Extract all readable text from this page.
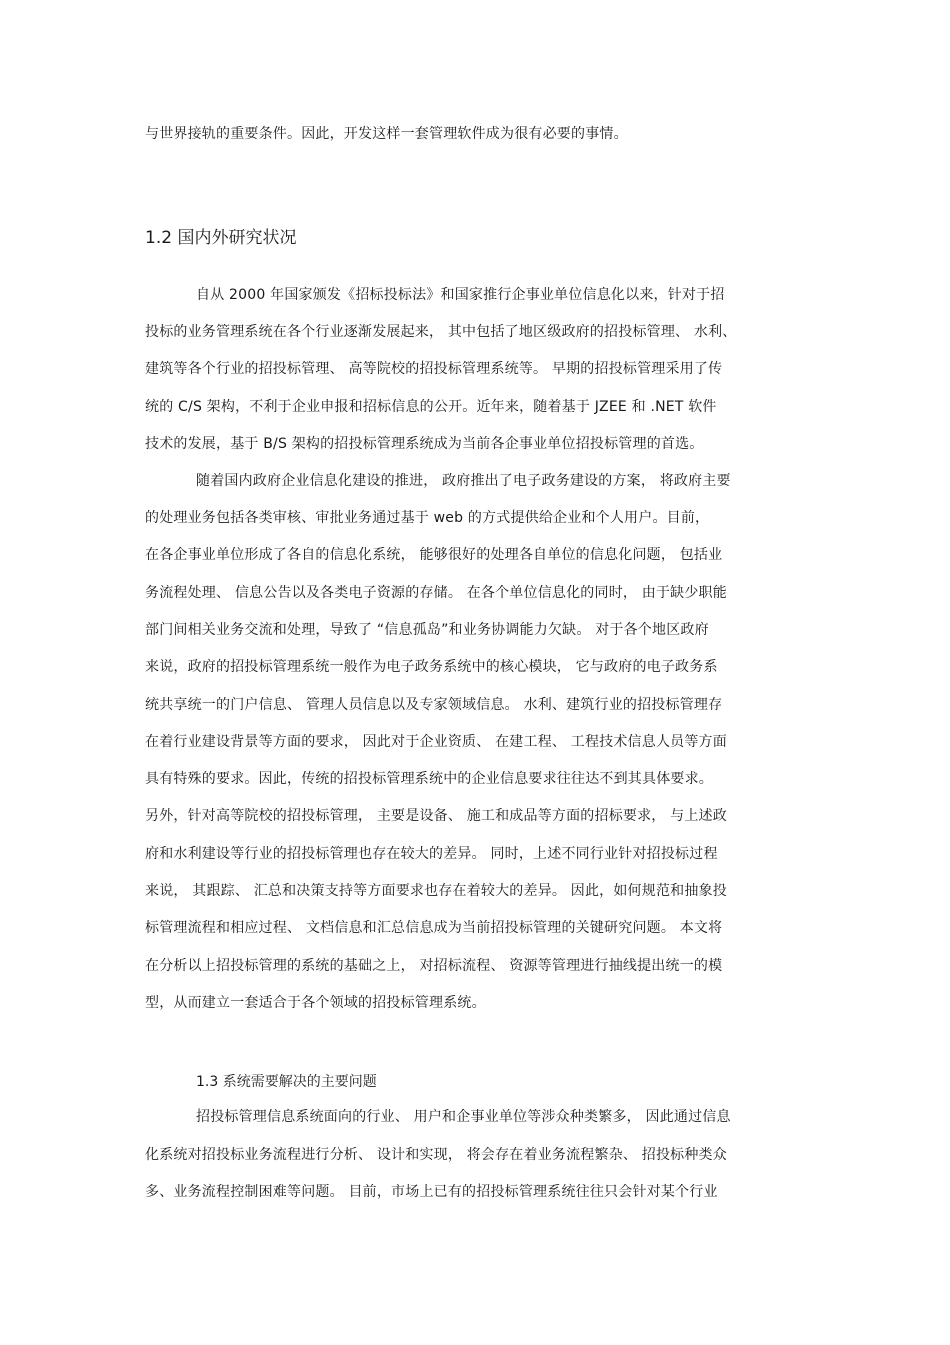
与世界接轨的重要条件。因此，开发这样一套管理软件成为很有必要的事情。
1.2 国内外研究状况
自从 2000 年国家颁发《招标投标法》和国家推行企事业单位信息化以来，针对于招
投标的业务管理系统在各个行业逐渐发展起来， 其中包括了地区级政府的招投标管理、 水利、
建筑等各个行业的招投标管理、 高等院校的招投标管理系统等。 早期的招投标管理采用了传
统的 C/S 架构，不利于企业申报和招标信息的公开。近年来，随着基于 JZEE 和 .NET 软件
技术的发展，基于 B/S 架构的招投标管理系统成为当前各企事业单位招投标管理的首选。
随着国内政府企业信息化建设的推进， 政府推出了电子政务建设的方案， 将政府主要
的处理业务包括各类审核、审批业务通过基于 web 的方式提供给企业和个人用户。目前，
在各企事业单位形成了各自的信息化系统， 能够很好的处理各自单位的信息化问题， 包括业
务流程处理、 信息公告以及各类电子资源的存储。 在各个单位信息化的同时， 由于缺少职能
部门间相关业务交流和处理，导致了 “信息孤岛”和业务协调能力欠缺。 对于各个地区政府
来说，政府的招投标管理系统一般作为电子政务系统中的核心模块， 它与政府的电子政务系
统共享统一的门户信息、 管理人员信息以及专家领域信息。 水利、建筑行业的招投标管理存
在着行业建设背景等方面的要求， 因此对于企业资质、 在建工程、 工程技术信息人员等方面
具有特殊的要求。因此，传统的招投标管理系统中的企业信息要求往往达不到其具体要求。
另外，针对高等院校的招投标管理， 主要是设备、 施工和成品等方面的招标要求， 与上述政
府和水利建设等行业的招投标管理也存在较大的差异。 同时，上述不同行业针对招投标过程
来说， 其跟踪、 汇总和决策支持等方面要求也存在着较大的差异。 因此，如何规范和抽象投
标管理流程和相应过程、 文档信息和汇总信息成为当前招投标管理的关键研究问题。 本文将
在分析以上招投标管理的系统的基础之上， 对招标流程、 资源等管理进行抽线提出统一的模
型，从而建立一套适合于各个领域的招投标管理系统。
1.3 系统需要解决的主要问题
招投标管理信息系统面向的行业、 用户和企事业单位等涉众种类繁多， 因此通过信息
化系统对招投标业务流程进行分析、 设计和实现， 将会存在着业务流程繁杂、 招投标种类众
多、业务流程控制困难等问题。 目前，市场上已有的招投标管理系统往往只会针对某个行业
